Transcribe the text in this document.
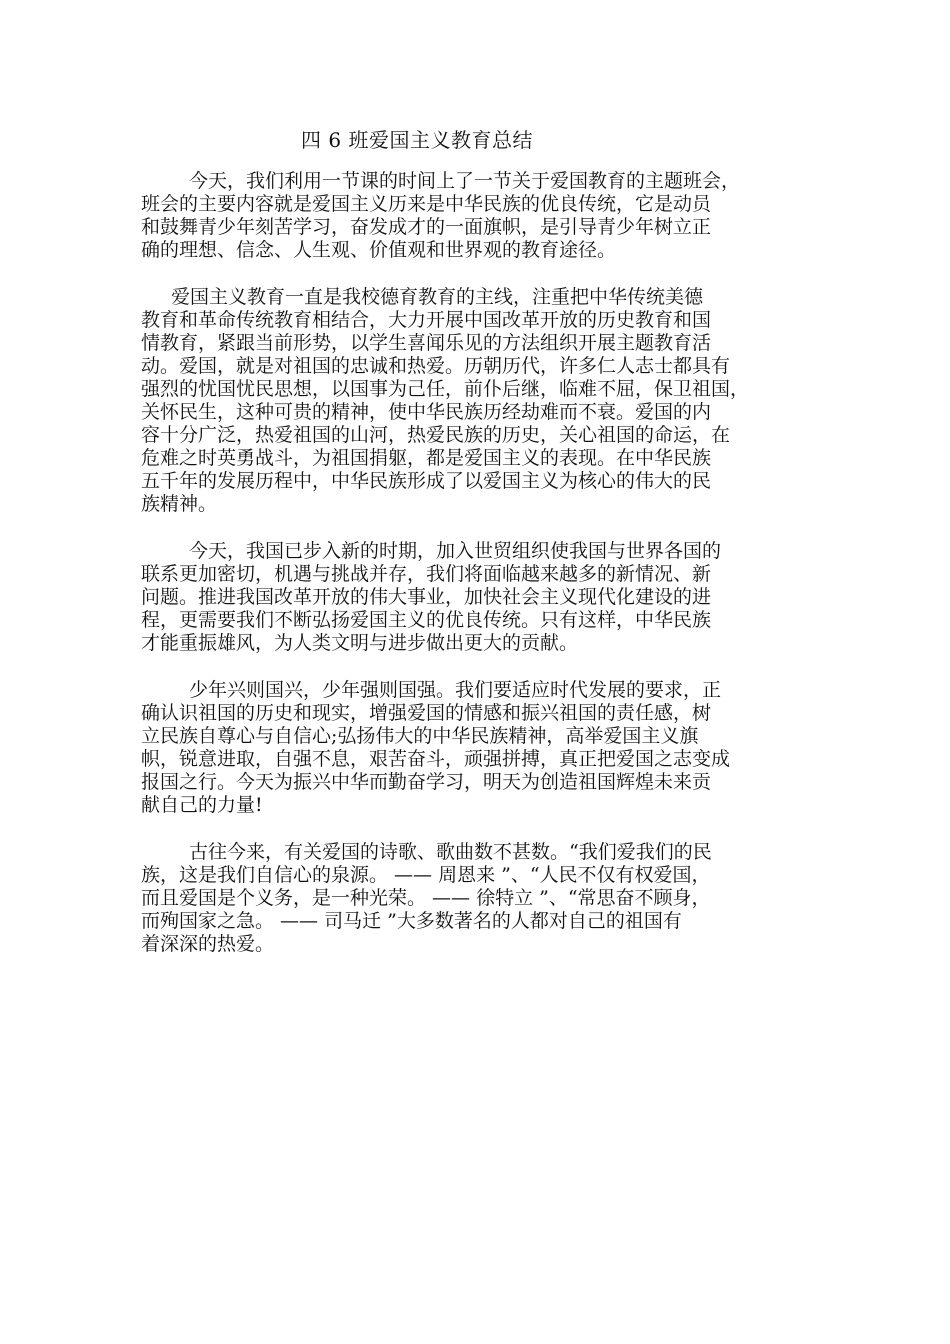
四 6 班爱国主义教育总结
今天，我们利用一节课的时间上了一节关于爱国教育的主题班会，
班会的主要内容就是爱国主义历来是中华民族的优良传统，它是动员
和鼓舞青少年刻苦学习，奋发成才的一面旗帜，是引导青少年树立正
确的理想、信念、人生观、价值观和世界观的教育途径。
爱国主义教育一直是我校德育教育的主线，注重把中华传统美德
教育和革命传统教育相结合，大力开展中国改革开放的历史教育和国
情教育，紧跟当前形势，以学生喜闻乐见的方法组织开展主题教育活
动。爱国，就是对祖国的忠诚和热爱。历朝历代，许多仁人志士都具有
强烈的忧国忧民思想，以国事为己任，前仆后继，临难不屈，保卫祖国，
关怀民生，这种可贵的精神，使中华民族历经劫难而不衰。爱国的内
容十分广泛，热爱祖国的山河，热爱民族的历史，关心祖国的命运，在
危难之时英勇战斗，为祖国捐躯，都是爱国主义的表现。在中华民族
五千年的发展历程中，中华民族形成了以爱国主义为核心的伟大的民
族精神。
今天，我国已步入新的时期，加入世贸组织使我国与世界各国的
联系更加密切，机遇与挑战并存，我们将面临越来越多的新情况、新
问题。推进我国改革开放的伟大事业，加快社会主义现代化建设的进
程，更需要我们不断弘扬爱国主义的优良传统。只有这样，中华民族
才能重振雄风，为人类文明与进步做出更大的贡献。
少年兴则国兴，少年强则国强。我们要适应时代发展的要求，正
确认识祖国的历史和现实，增强爱国的情感和振兴祖国的责任感，树
立民族自尊心与自信心;弘扬伟大的中华民族精神，高举爱国主义旗
帜，锐意进取，自强不息，艰苦奋斗，顽强拼搏，真正把爱国之志变成
报国之行。今天为振兴中华而勤奋学习，明天为创造祖国辉煌未来贡
献自己的力量!
古往今来，有关爱国的诗歌、歌曲数不甚数。“我们爱我们的民
族，这是我们自信心的泉源。 —— 周恩来 ”、“人民不仅有权爱国，
而且爱国是个义务，是一种光荣。 —— 徐特立 ”、“常思奋不顾身，
而殉国家之急。 —— 司马迁 ”大多数著名的人都对自己的祖国有
着深深的热爱。
